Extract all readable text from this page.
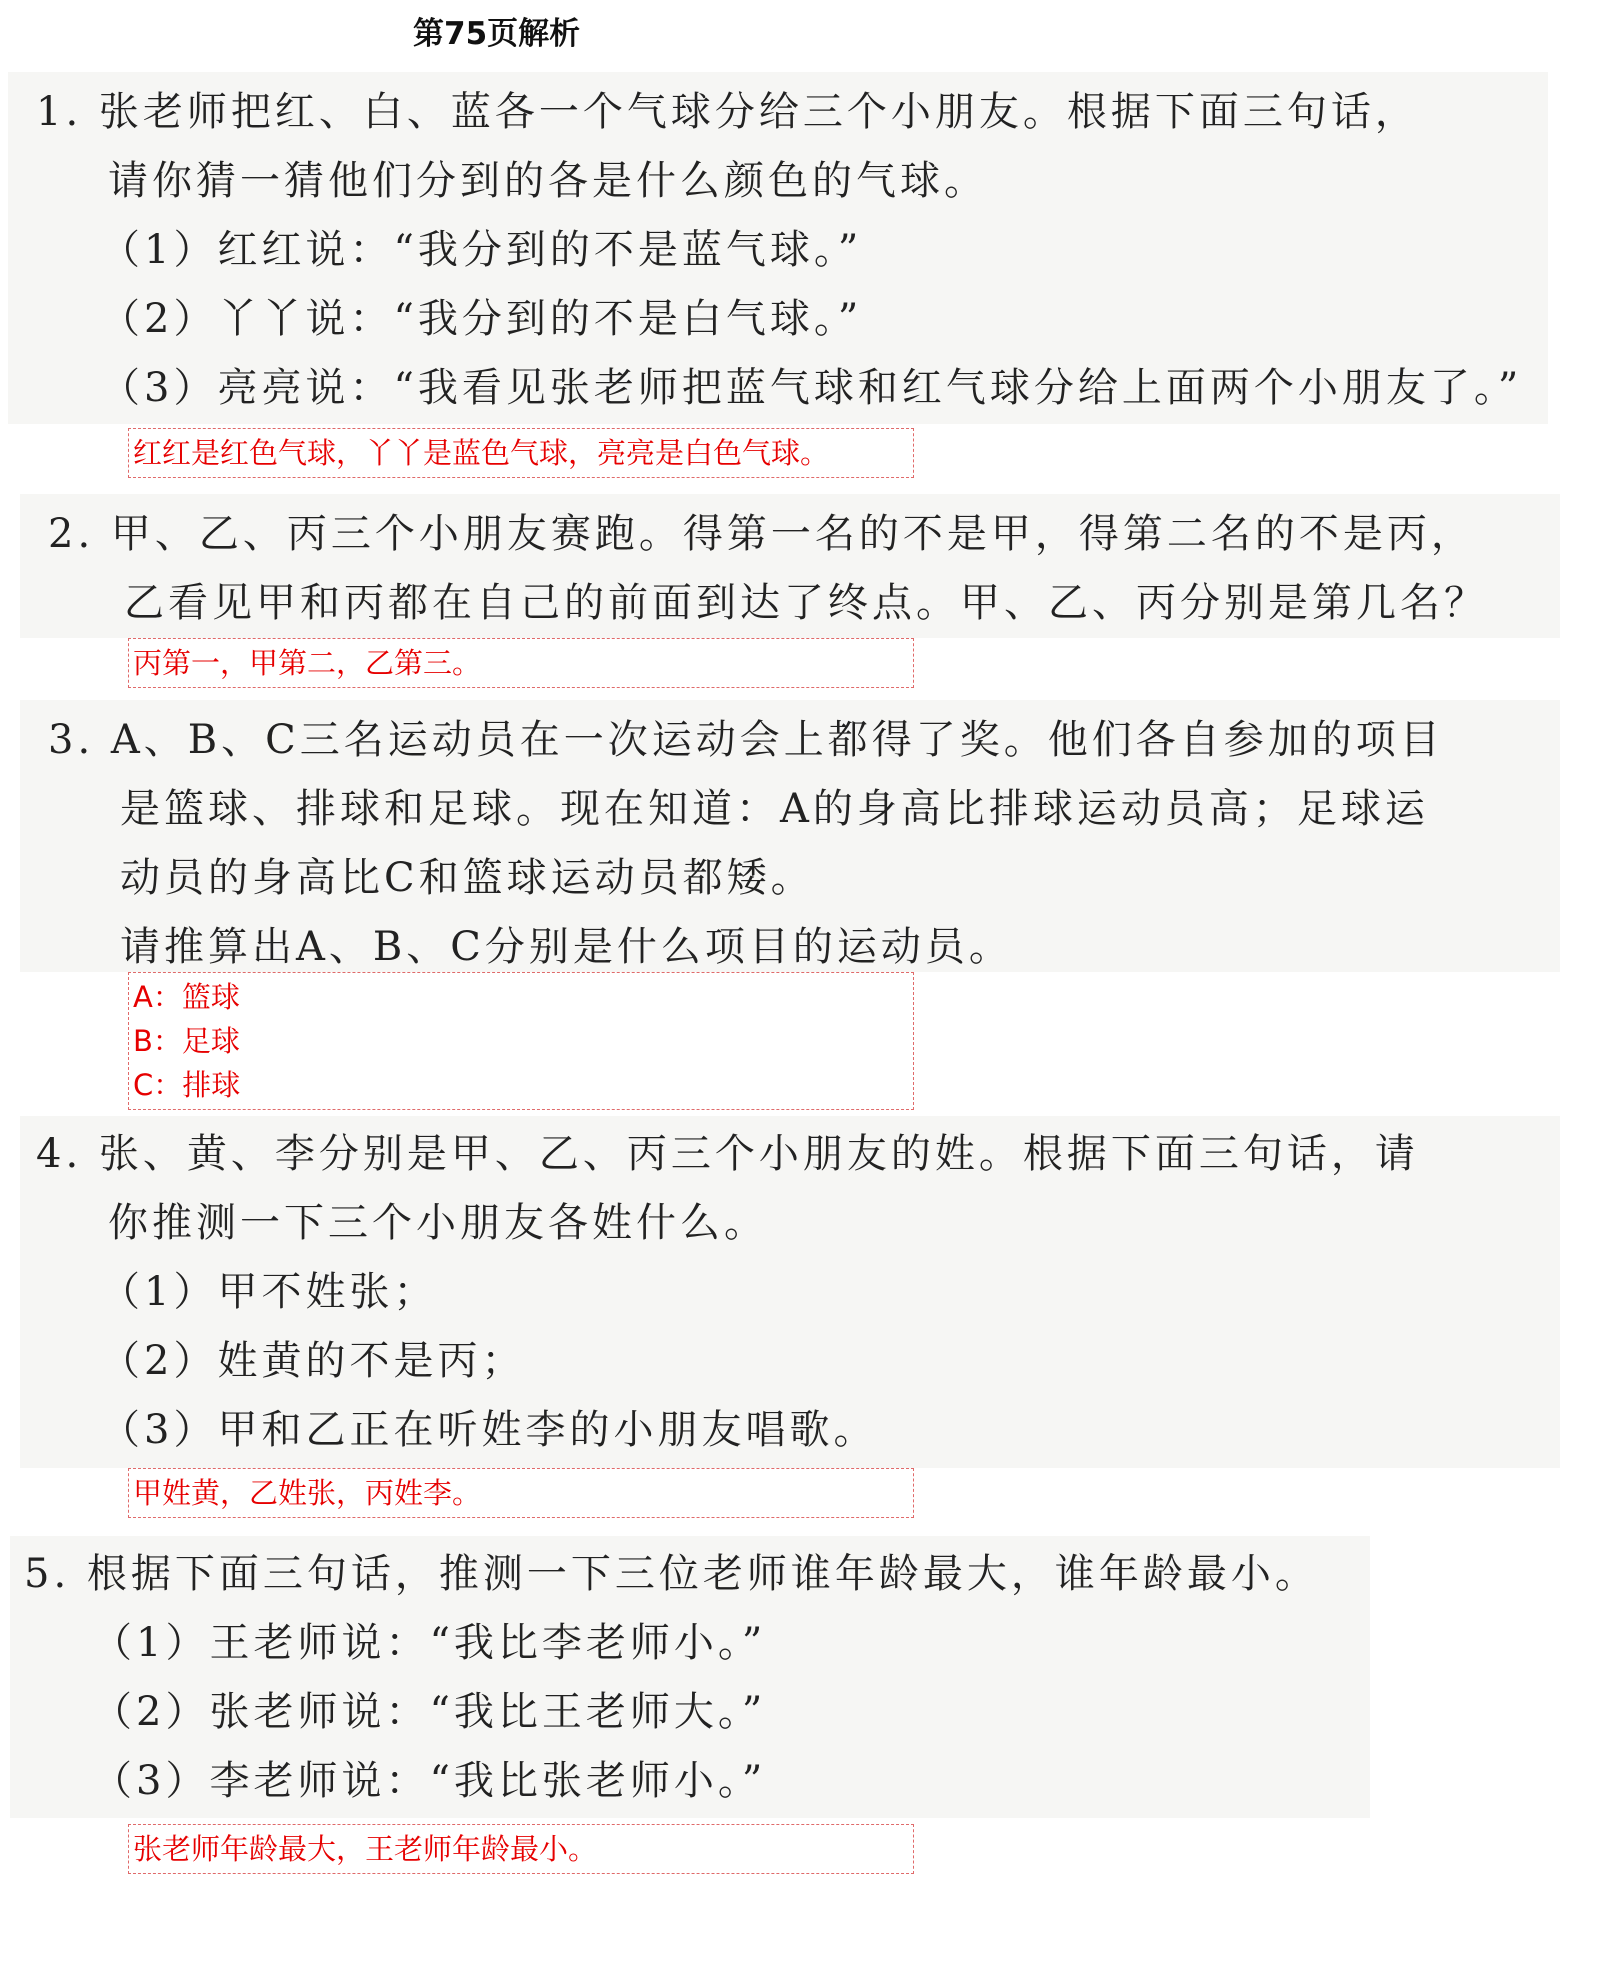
第75页解析
1. 张老师把红、白、蓝各一个气球分给三个小朋友。根据下面三句话，
请你猜一猜他们分到的各是什么颜色的气球。
（1）红红说：“我分到的不是蓝气球。”
（2）丫丫说：“我分到的不是白气球。”
（3）亮亮说：“我看见张老师把蓝气球和红气球分给上面两个小朋友了。”
红红是红色气球，丫丫是蓝色气球，亮亮是白色气球。
2. 甲、乙、丙三个小朋友赛跑。得第一名的不是甲，得第二名的不是丙，
乙看见甲和丙都在自己的前面到达了终点。甲、乙、丙分别是第几名？
丙第一，甲第二，乙第三。
3. A、B、C三名运动员在一次运动会上都得了奖。他们各自参加的项目
是篮球、排球和足球。现在知道：A的身高比排球运动员高；足球运
动员的身高比C和篮球运动员都矮。
请推算出A、B、C分别是什么项目的运动员。
A：篮球
B：足球
C：排球
4. 张、黄、李分别是甲、乙、丙三个小朋友的姓。根据下面三句话，请
你推测一下三个小朋友各姓什么。
（1）甲不姓张；
（2）姓黄的不是丙；
（3）甲和乙正在听姓李的小朋友唱歌。
甲姓黄，乙姓张，丙姓李。
5. 根据下面三句话，推测一下三位老师谁年龄最大，谁年龄最小。
（1）王老师说：“我比李老师小。”
（2）张老师说：“我比王老师大。”
（3）李老师说：“我比张老师小。”
张老师年龄最大，王老师年龄最小。
